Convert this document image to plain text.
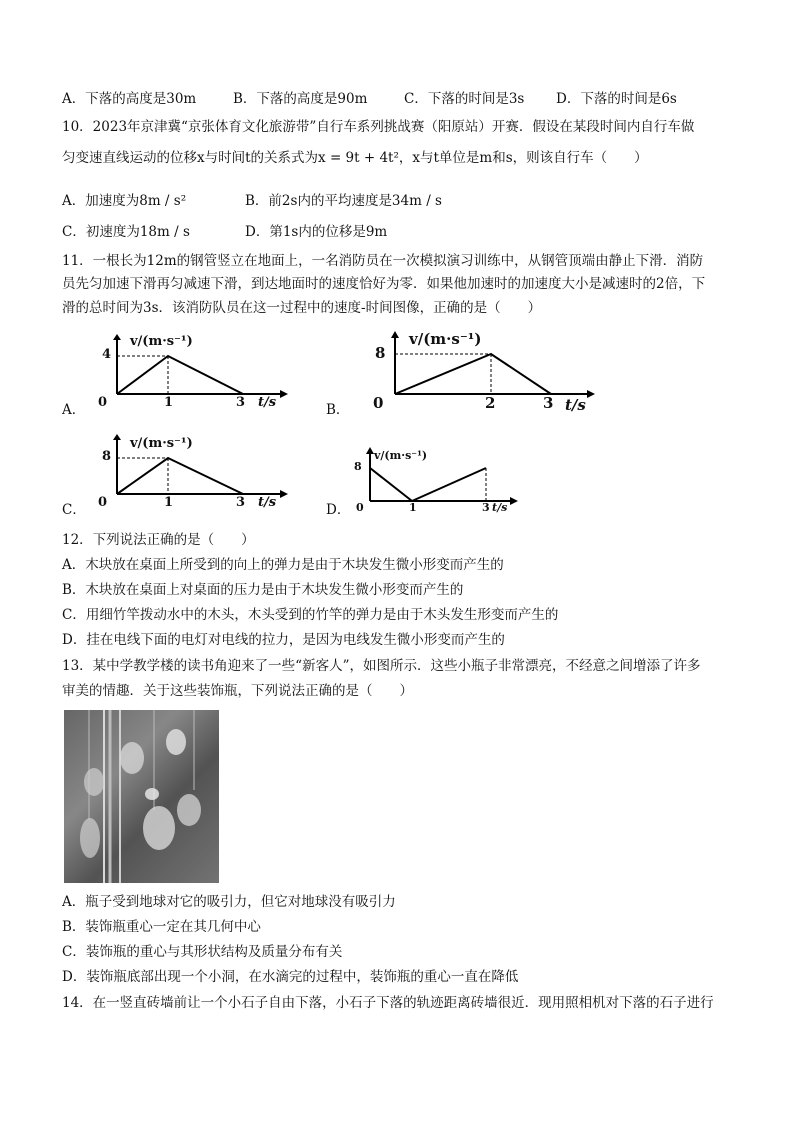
A．下落的高度是30m	B．下落的高度是90m	C．下落的时间是3s D．下落的时间是6s
10．2023年京津冀“京张体育文化旅游带”自行车系列挑战赛（阳原站）开赛．假设在某段时间内自行车做
匀变速直线运动的位移x与时间t的关系式为x = 9t + 4t²，x与t单位是m和s，则该自行车（　　）
A．加速度为8m / s²	B．前2s内的平均速度是34m / s
C．初速度为18m / s	D．第1s内的位移是9m
11．一根长为12m的钢管竖立在地面上，一名消防员在一次模拟演习训练中，从钢管顶端由静止下滑．消防
员先匀加速下滑再匀减速下滑，到达地面时的速度恰好为零．如果他加速时的加速度大小是减速时的2倍，下
滑的总时间为3s．该消防队员在这一过程中的速度-时间图像，正确的是（　　）
A．	B．
C．	D．
v/(m·s⁻¹)
4
0	1	3 t/s
v/(m·s⁻¹)
8
0	2	3 t/s
v/(m·s⁻¹)
8
0	1	3 t/s
v/(m·s⁻¹)
8
0	1	3 t/s
12．下列说法正确的是（　　）
A．木块放在桌面上所受到的向上的弹力是由于木块发生微小形变而产生的
B．木块放在桌面上对桌面的压力是由于木块发生微小形变而产生的
C．用细竹竿拨动水中的木头，木头受到的竹竿的弹力是由于木头发生形变而产生的
D．挂在电线下面的电灯对电线的拉力，是因为电线发生微小形变而产生的
13．某中学教学楼的读书角迎来了一些“新客人”，如图所示．这些小瓶子非常漂亮，不经意之间增添了许多
审美的情趣．关于这些装饰瓶，下列说法正确的是（　　）
A．瓶子受到地球对它的吸引力，但它对地球没有吸引力
B．装饰瓶重心一定在其几何中心
C．装饰瓶的重心与其形状结构及质量分布有关
D．装饰瓶底部出现一个小洞，在水滴完的过程中，装饰瓶的重心一直在降低
14．在一竖直砖墙前让一个小石子自由下落，小石子下落的轨迹距离砖墙很近．现用照相机对下落的石子进行
